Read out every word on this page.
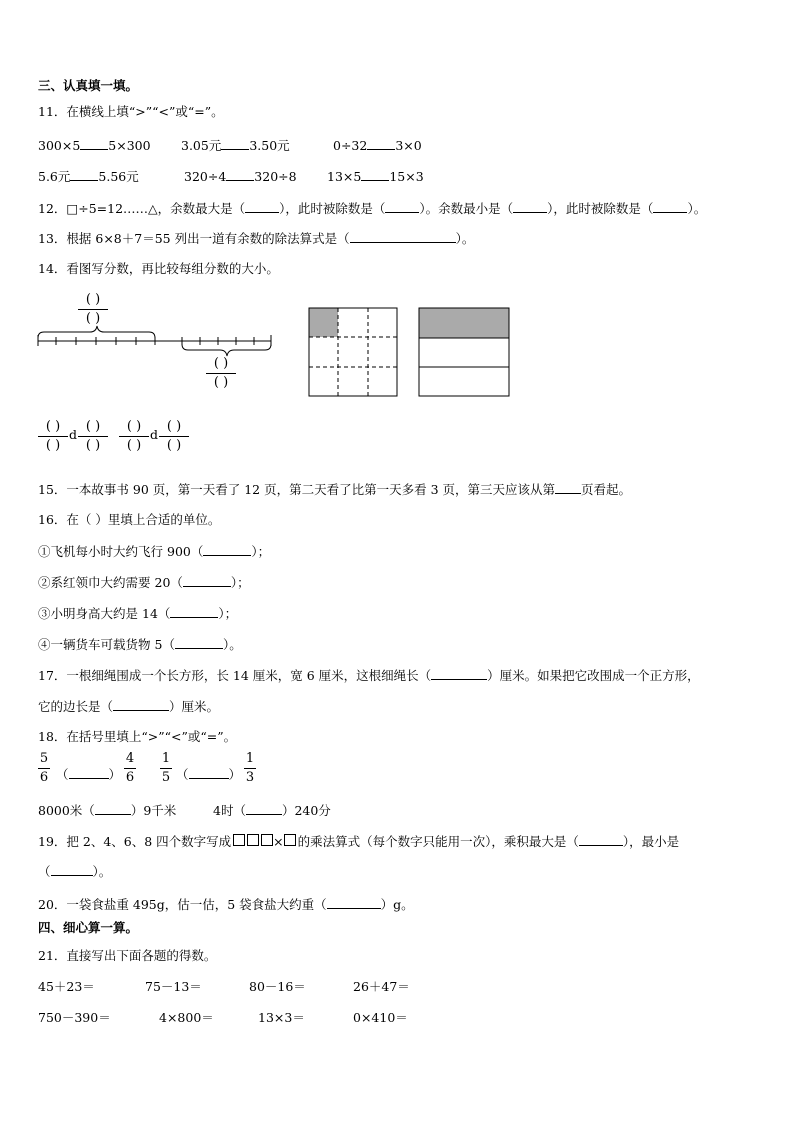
三、认真填一填。
11．在横线上填“>”“<”或“=”。
300×5 5×300 3.05元 3.50元	0÷32 3×0
5.6元 5.56元	320÷4 320÷8 13×5 15×3
12．□÷5=12……△，余数最大是（	），此时被除数是（	）。余数最小是（	），此时被除数是（	）。
13．根据 6×8＋7＝55 列出一道有余数的除法算式是（	）。
14．看图写分数，再比较每组分数的大小。
( )
( )
( )
( )
( )
( )
d
( )
( )
( )
( )
d
( )
( )
15．一本故事书 90 页，第一天看了 12 页，第二天看了比第一天多看 3 页，第三天应该从第 页看起。
16．在（ ）里填上合适的单位。
①飞机每小时大约飞行 900（	）；
②系红领巾大约需要 20（	）；
③小明身高大约是 14（	）；
④一辆货车可载货物 5（	）。
17．一根细绳围成一个长方形，长 14 厘米，宽 6 厘米，这根细绳长（	）厘米。如果把它改围成一个正方形，
它的边长是（	）厘米。
18．在括号里填上“>”“<”或“=”。
5
6 （	）
4
6
1
5 （	）
1
3
8000米（	）9千米	4时（	）240分
19．把 2、4、6、8 四个数字写成	× 的乘法算式（每个数字只能用一次），乘积最大是（	），最小是
（	）。
20．一袋食盐重 495g，估一估，5 袋食盐大约重（	）g。
四、细心算一算。
21．直接写出下面各题的得数。
45＋23＝	75－13＝	80－16＝	26＋47＝
750－390＝	4×800＝	13×3＝	0×410＝
